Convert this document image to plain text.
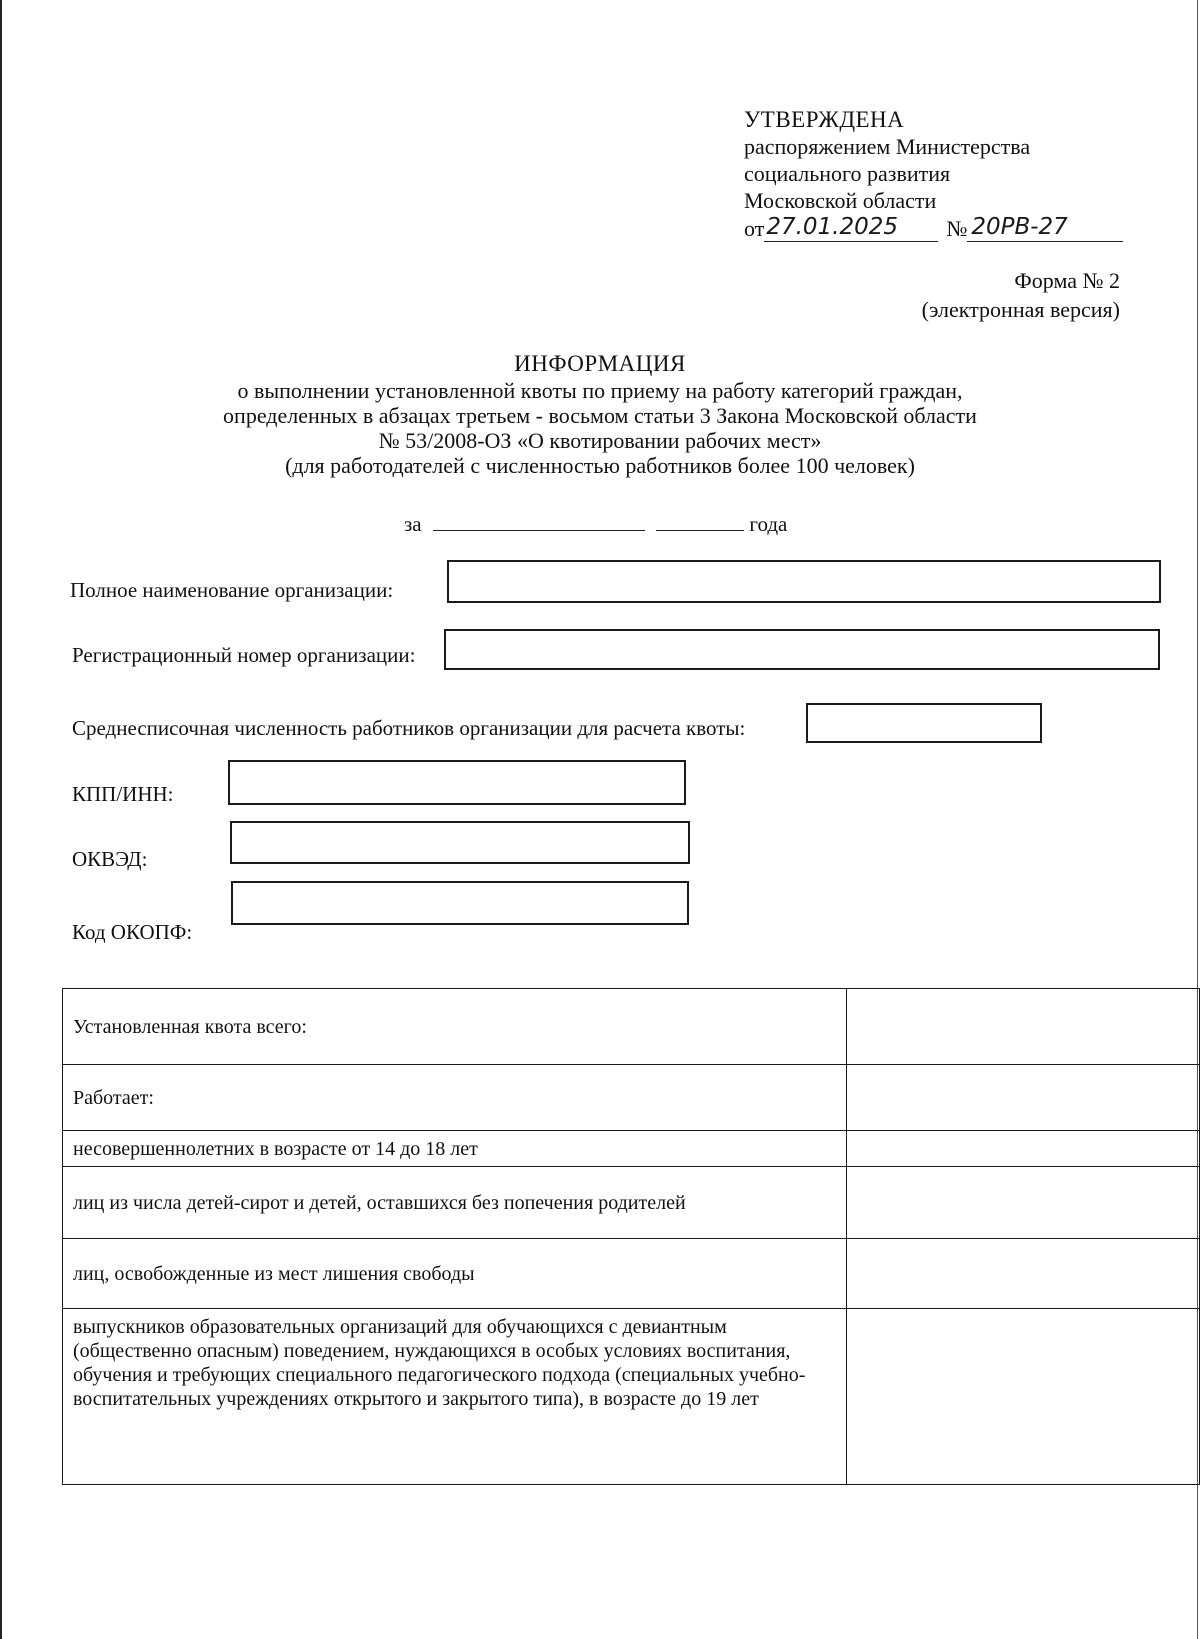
УТВЕРЖДЕНА
распоряжением Министерства
социального развития
Московской области
от 27.01.2025	№ 20РВ-27
Форма № 2
(электронная версия)
ИНФОРМАЦИЯ
о выполнении установленной квоты по приему на работу категорий граждан,
определенных в абзацах третьем - восьмом статьи 3 Закона Московской области
№ 53/2008-ОЗ «О квотировании рабочих мест»
(для работодателей с численностью работников более 100 человек)
за	года
Полное наименование организации:
Регистрационный номер организации:
Среднесписочная численность работников организации для расчета квоты:
КПП/ИНН:
ОКВЭД:
Код ОКОПФ:
Установленная квота всего:	
Работает:	
несовершеннолетних в возрасте от 14 до 18 лет	
лиц из числа детей-сирот и детей, оставшихся без попечения родителей	
лиц, освобожденные из мест лишения свободы	
выпускников образовательных организаций для обучающихся с девиантным (общественно опасным) поведением, нуждающихся в особых условиях воспитания, обучения и требующих специального педагогического подхода (специальных учебно-воспитательных учреждениях открытого и закрытого типа), в возрасте до 19 лет	
